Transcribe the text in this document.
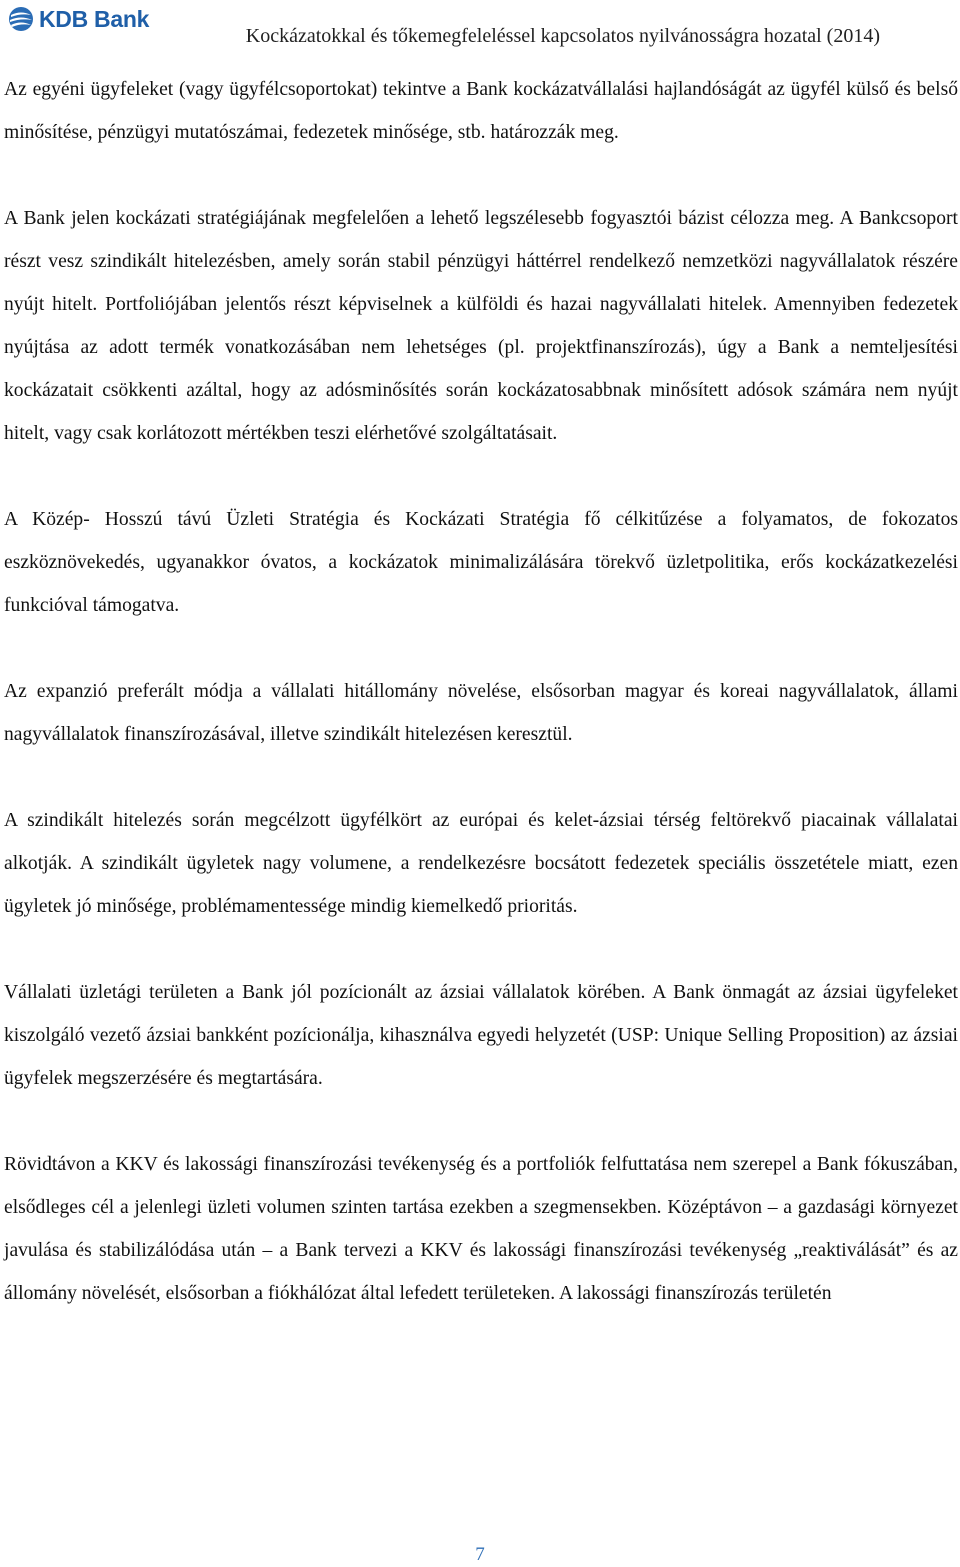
KDB Bank
Kockázatokkal és tőkemegfeleléssel kapcsolatos nyilvánosságra hozatal (2014)

Az egyéni ügyfeleket (vagy ügyfélcsoportokat) tekintve a Bank kockázatvállalási hajlandóságát az ügyfél külső és belső minősítése, pénzügyi mutatószámai, fedezetek minősége, stb. határozzák meg.

A Bank jelen kockázati stratégiájának megfelelően a lehető legszélesebb fogyasztói bázist célozza meg. A Bankcsoport részt vesz szindikált hitelezésben, amely során stabil pénzügyi háttérrel rendelkező nemzetközi nagyvállalatok részére nyújt hitelt. Portfoliójában jelentős részt képviselnek a külföldi és hazai nagyvállalati hitelek. Amennyiben fedezetek nyújtása az adott termék vonatkozásában nem lehetséges (pl. projektfinanszírozás), úgy a Bank a nemteljesítési kockázatait csökkenti azáltal, hogy az adósminősítés során kockázatosabbnak minősített adósok számára nem nyújt hitelt, vagy csak korlátozott mértékben teszi elérhetővé szolgáltatásait.

A Közép- Hosszú távú Üzleti Stratégia és Kockázati Stratégia fő célkitűzése a folyamatos, de fokozatos eszköznövekedés, ugyanakkor óvatos, a kockázatok minimalizálására törekvő üzletpolitika, erős kockázatkezelési funkcióval támogatva.

Az expanzió preferált módja a vállalati hitállomány növelése, elsősorban magyar és koreai nagyvállalatok, állami nagyvállalatok finanszírozásával, illetve szindikált hitelezésen keresztül.

A szindikált hitelezés során megcélzott ügyfélkört az európai és kelet-ázsiai térség feltörekvő piacainak vállalatai alkotják. A szindikált ügyletek nagy volumene, a rendelkezésre bocsátott fedezetek speciális összetétele miatt, ezen ügyletek jó minősége, problémamentessége mindig kiemelkedő prioritás.

Vállalati üzletági területen a Bank jól pozícionált az ázsiai vállalatok körében. A Bank önmagát az ázsiai ügyfeleket kiszolgáló vezető ázsiai bankként pozícionálja, kihasználva egyedi helyzetét (USP: Unique Selling Proposition) az ázsiai ügyfelek megszerzésére és megtartására.

Rövidtávon a KKV és lakossági finanszírozási tevékenység és a portfoliók felfuttatása nem szerepel a Bank fókuszában, elsődleges cél a jelenlegi üzleti volumen szinten tartása ezekben a szegmensekben. Középtávon – a gazdasági környezet javulása és stabilizálódása után – a Bank tervezi a KKV és lakossági finanszírozási tevékenység „reaktiválását” és az állomány növelését, elsősorban a fiókhálózat által lefedett területeken. A lakossági finanszírozás területén

7
